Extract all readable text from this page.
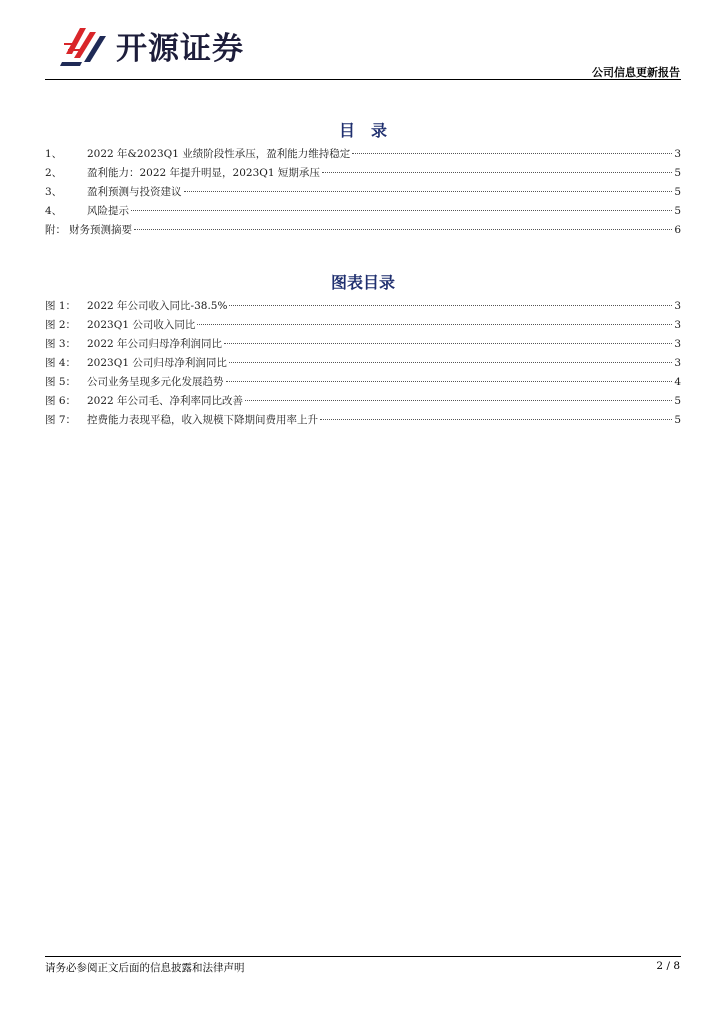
开源证券
公司信息更新报告
目　录
1、	2022 年&2023Q1 业绩阶段性承压，盈利能力维持稳定	3
2、	盈利能力：2022 年提升明显，2023Q1 短期承压	5
3、	盈利预测与投资建议	5
4、	风险提示	5
附： 财务预测摘要	6
图表目录
图 1：	2022 年公司收入同比-38.5%	3
图 2：	2023Q1 公司收入同比	3
图 3：	2022 年公司归母净利润同比	3
图 4：	2023Q1 公司归母净利润同比	3
图 5：	公司业务呈现多元化发展趋势	4
图 6：	2022 年公司毛、净利率同比改善	5
图 7：	控费能力表现平稳，收入规模下降期间费用率上升	5
请务必参阅正文后面的信息披露和法律声明	2 / 8
